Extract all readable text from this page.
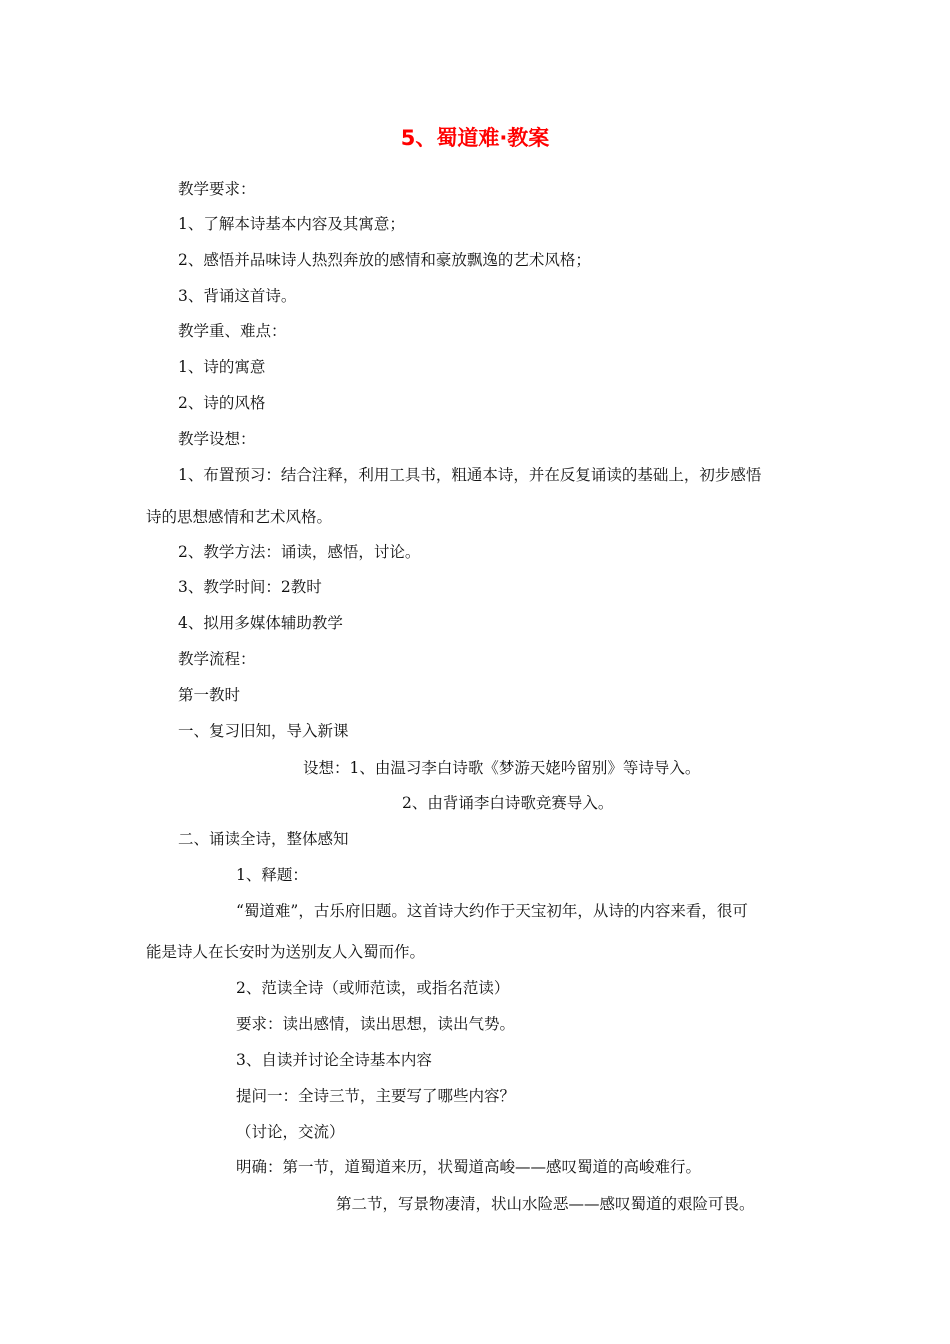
5、蜀道难·教案

教学要求：

1、了解本诗基本内容及其寓意；

2、感悟并品味诗人热烈奔放的感情和豪放飘逸的艺术风格；

3、背诵这首诗。

教学重、难点：

1、诗的寓意

2、诗的风格

教学设想：

1、布置预习：结合注释，利用工具书，粗通本诗，并在反复诵读的基础上，初步感悟

诗的思想感情和艺术风格。

2、教学方法：诵读，感悟，讨论。

3、教学时间：2教时

4、拟用多媒体辅助教学

教学流程：

第一教时

一、复习旧知，导入新课

设想：1、由温习李白诗歌《梦游天姥吟留别》等诗导入。

2、由背诵李白诗歌竞赛导入。

二、诵读全诗，整体感知

1、释题：

“蜀道难”，古乐府旧题。这首诗大约作于天宝初年，从诗的内容来看，很可

能是诗人在长安时为送别友人入蜀而作。

2、范读全诗（或师范读，或指名范读）

要求：读出感情，读出思想，读出气势。

3、自读并讨论全诗基本内容

提问一：全诗三节，主要写了哪些内容？

（讨论，交流）

明确：第一节，道蜀道来历，状蜀道高峻——感叹蜀道的高峻难行。

第二节，写景物凄清，状山水险恶——感叹蜀道的艰险可畏。
